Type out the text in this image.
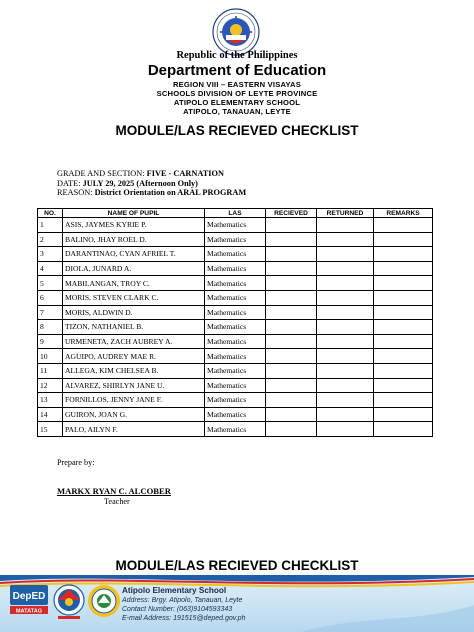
Republic of the Philippines
Department of Education
REGION VIII – EASTERN VISAYAS
SCHOOLS DIVISION OF LEYTE PROVINCE
ATIPOLO ELEMENTARY SCHOOL
ATIPOLO, TANAUAN, LEYTE
MODULE/LAS RECIEVED CHECKLIST
GRADE AND SECTION: FIVE - CARNATION
DATE: JULY 29, 2025 (Afternoon Only)
REASON: District Orientation on ARAL PROGRAM
NO.	NAME OF PUPIL	LAS	RECIEVED	RETURNED	REMARKS
1	ASIS, JAYMES KYRIE P.	Mathematics			
2	BALINO, JHAY ROEL D.	Mathematics			
3	DARANTINAO, CYAN AFRIEL T.	Mathematics			
4	DIOLA, JUNARD A.	Mathematics			
5	MABILANGAN, TROY C.	Mathematics			
6	MORIS, STEVEN CLARK C.	Mathematics			
7	MORIS, ALDWIN D.	Mathematics			
8	TIZON, NATHANIEL B.	Mathematics			
9	URMENETA, ZACH AUBREY A.	Mathematics			
10	AGUIPO, AUDREY MAE R.	Mathematics			
11	ALLEGA, KIM CHELSEA B.	Mathematics			
12	ALVAREZ, SHIRLYN JANE U.	Mathematics			
13	FORNILLOS, JENNY JANE F.	Mathematics			
14	GUIRON, JOAN G.	Mathematics			
15	PALO, AILYN F.	Mathematics			
Prepare by:
MARKX RYAN C. ALCOBER
Teacher
MODULE/LAS RECIEVED CHECKLIST
DepED
MATATAG
Atipolo Elementary School
Address: Brgy. Atipolo, Tanauan, Leyte
Contact Number: (063)9104593343
E-mail Address: 191515@deped.gov.ph
